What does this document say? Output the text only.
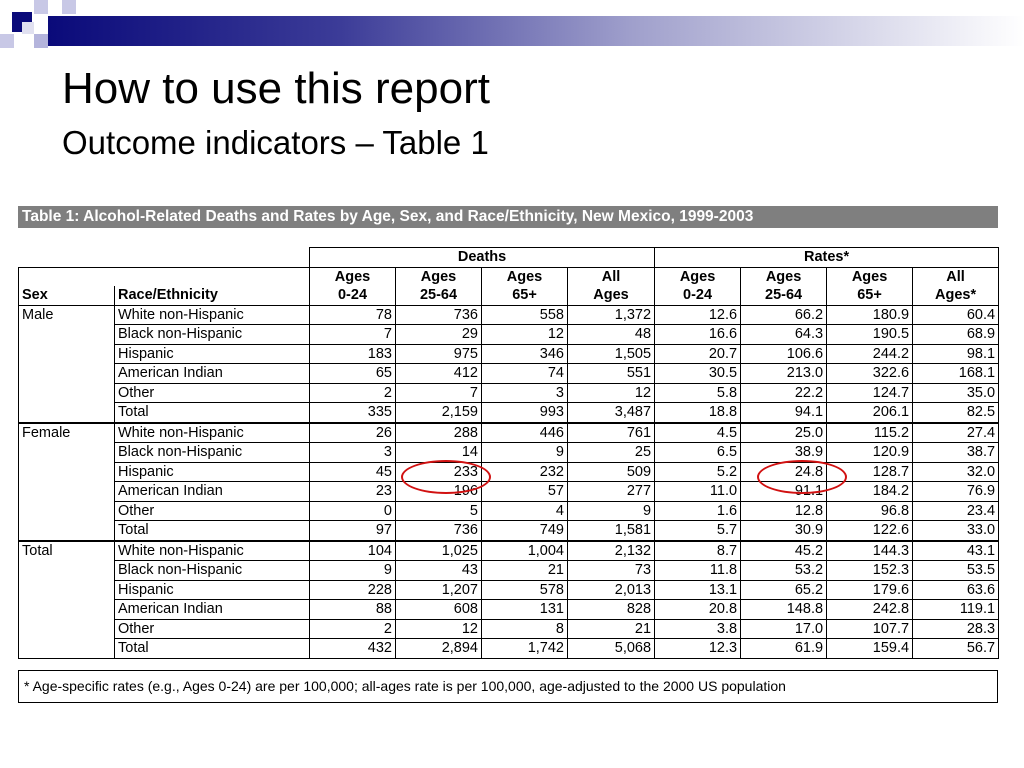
How to use this report
Outcome indicators – Table 1
Table 1: Alcohol-Related Deaths and Rates by Age, Sex, and Race/Ethnicity, New Mexico, 1999-2003
		Deaths				Rates*			
		Ages	Ages	Ages	All	Ages	Ages	Ages	All
Sex	Race/Ethnicity	0-24	25-64	65+	Ages	0-24	25-64	65+	Ages*
Male	White non-Hispanic	78	736	558	1,372	12.6	66.2	180.9	60.4
	Black non-Hispanic	7	29	12	48	16.6	64.3	190.5	68.9
	Hispanic	183	975	346	1,505	20.7	106.6	244.2	98.1
	American Indian	65	412	74	551	30.5	213.0	322.6	168.1
	Other	2	7	3	12	5.8	22.2	124.7	35.0
	Total	335	2,159	993	3,487	18.8	94.1	206.1	82.5
Female	White non-Hispanic	26	288	446	761	4.5	25.0	115.2	27.4
	Black non-Hispanic	3	14	9	25	6.5	38.9	120.9	38.7
	Hispanic	45	233	232	509	5.2	24.8	128.7	32.0
	American Indian	23	196	57	277	11.0	91.1	184.2	76.9
	Other	0	5	4	9	1.6	12.8	96.8	23.4
	Total	97	736	749	1,581	5.7	30.9	122.6	33.0
Total	White non-Hispanic	104	1,025	1,004	2,132	8.7	45.2	144.3	43.1
	Black non-Hispanic	9	43	21	73	11.8	53.2	152.3	53.5
	Hispanic	228	1,207	578	2,013	13.1	65.2	179.6	63.6
	American Indian	88	608	131	828	20.8	148.8	242.8	119.1
	Other	2	12	8	21	3.8	17.0	107.7	28.3
	Total	432	2,894	1,742	5,068	12.3	61.9	159.4	56.7
* Age-specific rates (e.g., Ages 0-24) are per 100,000; all-ages rate is per 100,000, age-adjusted to the 2000 US population
